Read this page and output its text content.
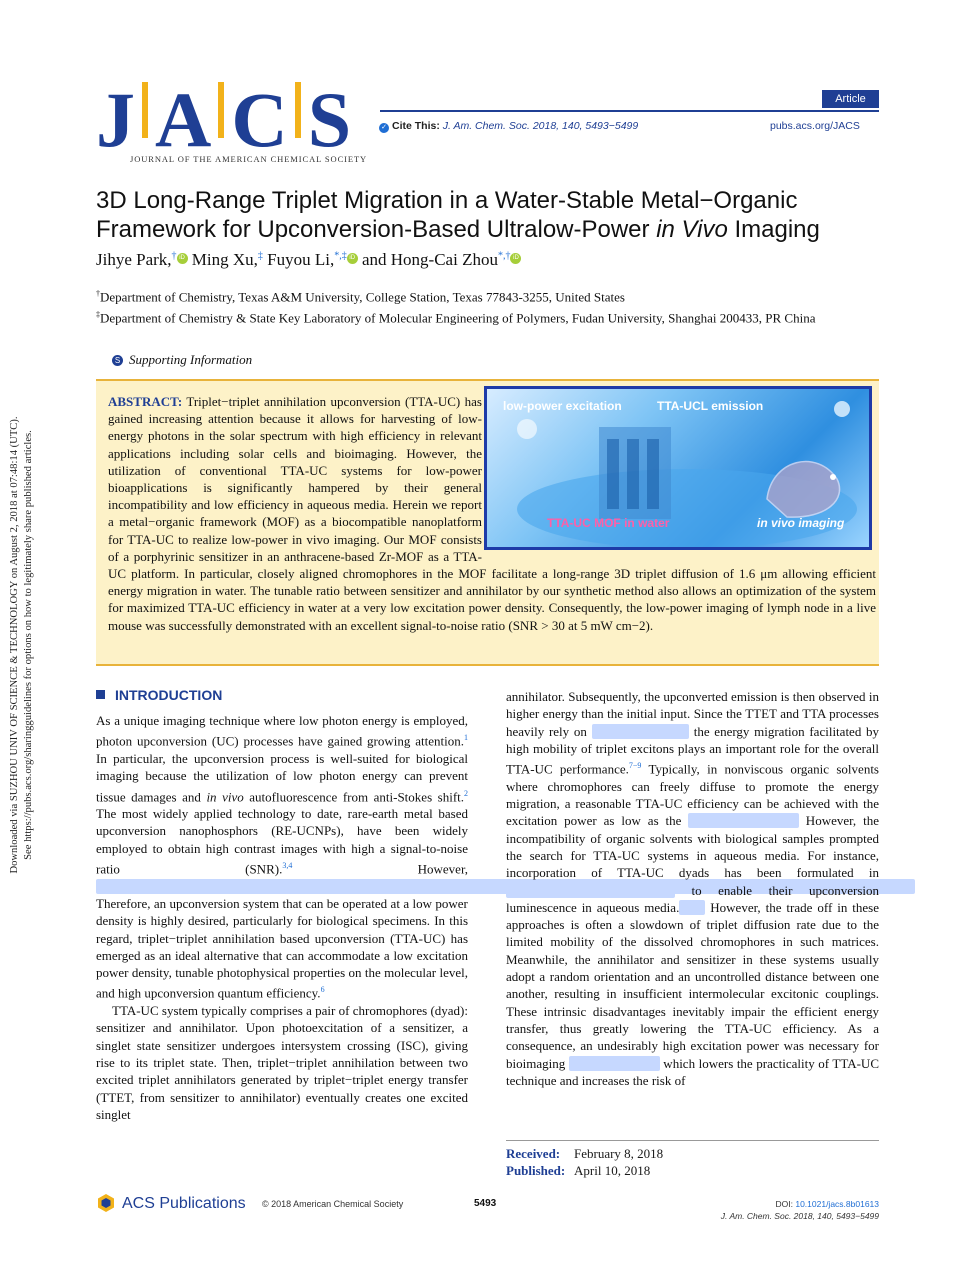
Downloaded via SUZHOU UNIV OF SCIENCE & TECHNOLOGY on August 2, 2018 at 07:48:14 (UTC). See https://pubs.acs.org/sharingguidelines for options on how to legitimately share published articles.
J A C S
JOURNAL OF THE AMERICAN CHEMICAL SOCIETY
Article
✓ Cite This: J. Am. Chem. Soc. 2018, 140, 5493−5499	pubs.acs.org/JACS
3D Long-Range Triplet Migration in a Water-Stable Metal−Organic
Framework for Upconversion-Based Ultralow-Power in Vivo Imaging
Jihye Park,† iD Ming Xu,‡ Fuyou Li,*,‡ iD and Hong-Cai Zhou*,† iD
†Department of Chemistry, Texas A&M University, College Station, Texas 77843-3255, United States
‡Department of Chemistry & State Key Laboratory of Molecular Engineering of Polymers, Fudan University, Shanghai 200433, PR China
S Supporting Information
ABSTRACT: Triplet−triplet annihilation upconversion (TTA-UC) has gained increasing attention because it allows for harvesting of low-energy photons in the solar spectrum with high efficiency in relevant applications including solar cells and bioimaging. However, the utilization of conventional TTA-UC systems for low-power bioapplications is significantly hampered by their general incompatibility and low efficiency in aqueous media. Herein we report a metal−organic framework (MOF) as a biocompatible nanoplatform for TTA-UC to realize low-power in vivo imaging. Our MOF consists of a porphyrinic sensitizer in an anthracene-based Zr-MOF as a TTA-UC platform. In particular, closely aligned chromophores in the MOF facilitate a long-range 3D triplet diffusion of 1.6 μm allowing efficient energy migration in water. The tunable ratio between sensitizer and annihilator by our synthetic method also allows an optimization of the system for maximized TTA-UC efficiency in water at a very low excitation power density. Consequently, the low-power imaging of lymph node in a live mouse was successfully demonstrated with an excellent signal-to-noise ratio (SNR > 30 at 5 mW cm−2).
low-power excitation	TTA-UCL emission
TTA-UC MOF in water	in vivo imaging
INTRODUCTION

As a unique imaging technique where low photon energy is employed, photon upconversion (UC) processes have gained growing attention.$^1$ In particular, the upconversion process is well-suited for biological imaging because the utilization of low photon energy can prevent tissue damages and in vivo autofluorescence from anti-Stokes shift.$^2$ The most widely applied technology to date, rare-earth metal based upconversion nanophosphors (RE-UCNPs), have been widely employed to obtain high contrast images with high a signal-to-noise ratio (SNR).$^{3,4}$ However, Therefore, an upconversion system that can be operated at a low power density is highly desired, particularly for biological specimens. In this regard, triplet−triplet annihilation based upconversion (TTA-UC) has emerged as an ideal alternative that can accommodate a low excitation power density, tunable photophysical properties on the molecular level, and high upconversion quantum efficiency.$^6$

TTA-UC system typically comprises a pair of chromophores (dyad): sensitizer and annihilator. Upon photoexcitation of a sensitizer, a singlet state sensitizer undergoes intersystem crossing (ISC), giving rise to its triplet state. Then, triplet−triplet annihilation between two excited triplet annihilators generated by triplet−triplet energy transfer (TTET, from sensitizer to annihilator) eventually creates one excited singlet

annihilator. Subsequently, the upconverted emission is then observed in higher energy than the initial input. Since the TTET and TTA processes heavily rely on	the energy migration facilitated by high mobility of triplet excitons plays an important role for the overall TTA-UC performance.$^{7-9}$ Typically, in nonviscous organic solvents where chromophores can freely diffuse to promote the energy migration, a reasonable TTA-UC efficiency can be achieved with the excitation power as low as the	However, the incompatibility of organic solvents with biological samples prompted the search for TTA-UC systems in aqueous media. For instance, incorporation of TTA-UC dyads has been formulated in to enable their upconversion luminescence in aqueous media. However, the trade off in these approaches is often a slowdown of triplet diffusion rate due to the limited mobility of the dissolved chromophores in such matrices. Meanwhile, the annihilator and sensitizer in these systems usually adopt a random orientation and an uncontrolled distance between one another, resulting in insufficient intermolecular excitonic couplings. These intrinsic disadvantages inevitably impair the efficient energy transfer, thus greatly lowering the TTA-UC efficiency. As a consequence, an undesirably high excitation power was necessary for bioimaging	which lowers the practicality of TTA-UC technique and increases the risk of

Received: February 8, 2018
Published: April 10, 2018
ACS Publications © 2018 American Chemical Society	5493	DOI: 10.1021/jacs.8b01613
J. Am. Chem. Soc. 2018, 140, 5493−5499
